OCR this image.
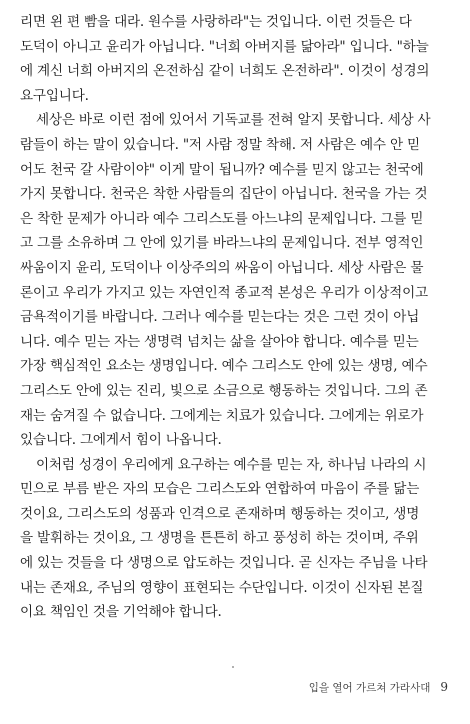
리면 왼 편 빰을 대라. 원수를 사랑하라"는 것입니다. 이런 것들은 다
도덕이 아니고 윤리가 아닙니다. "너희 아버지를 닮아라" 입니다. "하늘
에 계신 너희 아버지의 온전하심 같이 너희도 온전하라". 이것이 성경의
요구입니다.

세상은 바로 이런 점에 있어서 기독교를 전혀 알지 못합니다. 세상 사
람들이 하는 말이 있습니다. "저 사람 정말 착해. 저 사람은 예수 안 믿
어도 천국 갈 사람이야" 이게 말이 됩니까? 예수를 믿지 않고는 천국에
가지 못합니다. 천국은 착한 사람들의 집단이 아닙니다. 천국을 가는 것
은 착한 문제가 아니라 예수 그리스도를 아느냐의 문제입니다. 그를 믿
고 그를 소유하며 그 안에 있기를 바라느냐의 문제입니다. 전부 영적인
싸움이지 윤리, 도덕이나 이상주의의 싸움이 아닙니다. 세상 사람은 물
론이고 우리가 가지고 있는 자연인적 종교적 본성은 우리가 이상적이고
금욕적이기를 바랍니다. 그러나 예수를 믿는다는 것은 그런 것이 아닙
니다. 예수 믿는 자는 생명력 넘치는 삶을 살아야 합니다. 예수를 믿는
가장 핵심적인 요소는 생명입니다. 예수 그리스도 안에 있는 생명, 예수
그리스도 안에 있는 진리, 빛으로 소금으로 행동하는 것입니다. 그의 존
재는 숨겨질 수 없습니다. 그에게는 치료가 있습니다. 그에게는 위로가
있습니다. 그에게서 힘이 나옵니다.

이처럼 성경이 우리에게 요구하는 예수를 믿는 자, 하나님 나라의 시
민으로 부름 받은 자의 모습은 그리스도와 연합하여 마음이 주를 닮는
것이요, 그리스도의 성품과 인격으로 존재하며 행동하는 것이고, 생명
을 발휘하는 것이요, 그 생명을 튼튼히 하고 풍성히 하는 것이며, 주위
에 있는 것들을 다 생명으로 압도하는 것입니다. 곧 신자는 주님을 나타
내는 존재요, 주님의 영향이 표현되는 수단입니다. 이것이 신자된 본질
이요 책임인 것을 기억해야 합니다.

입을 열어 가르쳐 가라사대 9
